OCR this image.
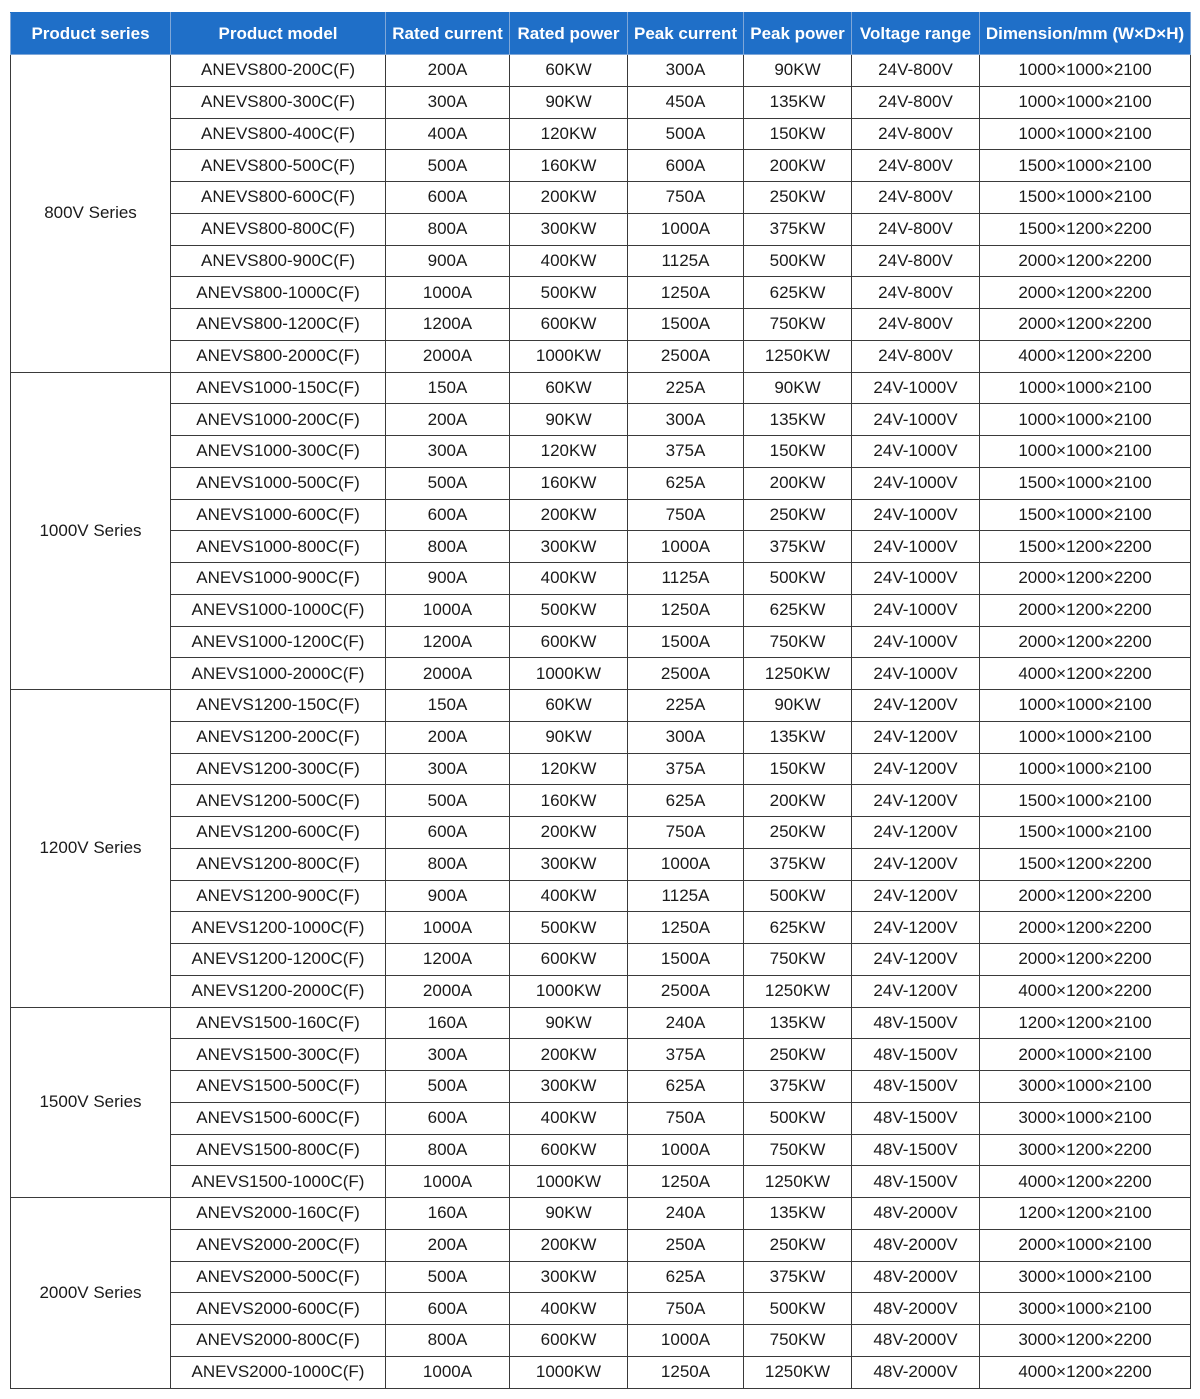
Product series	Product model	Rated current	Rated power	Peak current	Peak power	Voltage range	Dimension/mm (W×D×H)
800V Series	ANEVS800-200C(F)	200A	60KW	300A	90KW	24V-800V	1000×1000×2100
	ANEVS800-300C(F)	300A	90KW	450A	135KW	24V-800V	1000×1000×2100
	ANEVS800-400C(F)	400A	120KW	500A	150KW	24V-800V	1000×1000×2100
	ANEVS800-500C(F)	500A	160KW	600A	200KW	24V-800V	1500×1000×2100
	ANEVS800-600C(F)	600A	200KW	750A	250KW	24V-800V	1500×1000×2100
	ANEVS800-800C(F)	800A	300KW	1000A	375KW	24V-800V	1500×1200×2200
	ANEVS800-900C(F)	900A	400KW	1125A	500KW	24V-800V	2000×1200×2200
	ANEVS800-1000C(F)	1000A	500KW	1250A	625KW	24V-800V	2000×1200×2200
	ANEVS800-1200C(F)	1200A	600KW	1500A	750KW	24V-800V	2000×1200×2200
	ANEVS800-2000C(F)	2000A	1000KW	2500A	1250KW	24V-800V	4000×1200×2200
1000V Series	ANEVS1000-150C(F)	150A	60KW	225A	90KW	24V-1000V	1000×1000×2100
	ANEVS1000-200C(F)	200A	90KW	300A	135KW	24V-1000V	1000×1000×2100
	ANEVS1000-300C(F)	300A	120KW	375A	150KW	24V-1000V	1000×1000×2100
	ANEVS1000-500C(F)	500A	160KW	625A	200KW	24V-1000V	1500×1000×2100
	ANEVS1000-600C(F)	600A	200KW	750A	250KW	24V-1000V	1500×1000×2100
	ANEVS1000-800C(F)	800A	300KW	1000A	375KW	24V-1000V	1500×1200×2200
	ANEVS1000-900C(F)	900A	400KW	1125A	500KW	24V-1000V	2000×1200×2200
	ANEVS1000-1000C(F)	1000A	500KW	1250A	625KW	24V-1000V	2000×1200×2200
	ANEVS1000-1200C(F)	1200A	600KW	1500A	750KW	24V-1000V	2000×1200×2200
	ANEVS1000-2000C(F)	2000A	1000KW	2500A	1250KW	24V-1000V	4000×1200×2200
1200V Series	ANEVS1200-150C(F)	150A	60KW	225A	90KW	24V-1200V	1000×1000×2100
	ANEVS1200-200C(F)	200A	90KW	300A	135KW	24V-1200V	1000×1000×2100
	ANEVS1200-300C(F)	300A	120KW	375A	150KW	24V-1200V	1000×1000×2100
	ANEVS1200-500C(F)	500A	160KW	625A	200KW	24V-1200V	1500×1000×2100
	ANEVS1200-600C(F)	600A	200KW	750A	250KW	24V-1200V	1500×1000×2100
	ANEVS1200-800C(F)	800A	300KW	1000A	375KW	24V-1200V	1500×1200×2200
	ANEVS1200-900C(F)	900A	400KW	1125A	500KW	24V-1200V	2000×1200×2200
	ANEVS1200-1000C(F)	1000A	500KW	1250A	625KW	24V-1200V	2000×1200×2200
	ANEVS1200-1200C(F)	1200A	600KW	1500A	750KW	24V-1200V	2000×1200×2200
	ANEVS1200-2000C(F)	2000A	1000KW	2500A	1250KW	24V-1200V	4000×1200×2200
1500V Series	ANEVS1500-160C(F)	160A	90KW	240A	135KW	48V-1500V	1200×1200×2100
	ANEVS1500-300C(F)	300A	200KW	375A	250KW	48V-1500V	2000×1000×2100
	ANEVS1500-500C(F)	500A	300KW	625A	375KW	48V-1500V	3000×1000×2100
	ANEVS1500-600C(F)	600A	400KW	750A	500KW	48V-1500V	3000×1000×2100
	ANEVS1500-800C(F)	800A	600KW	1000A	750KW	48V-1500V	3000×1200×2200
	ANEVS1500-1000C(F)	1000A	1000KW	1250A	1250KW	48V-1500V	4000×1200×2200
2000V Series	ANEVS2000-160C(F)	160A	90KW	240A	135KW	48V-2000V	1200×1200×2100
	ANEVS2000-200C(F)	200A	200KW	250A	250KW	48V-2000V	2000×1000×2100
	ANEVS2000-500C(F)	500A	300KW	625A	375KW	48V-2000V	3000×1000×2100
	ANEVS2000-600C(F)	600A	400KW	750A	500KW	48V-2000V	3000×1000×2100
	ANEVS2000-800C(F)	800A	600KW	1000A	750KW	48V-2000V	3000×1200×2200
	ANEVS2000-1000C(F)	1000A	1000KW	1250A	1250KW	48V-2000V	4000×1200×2200
